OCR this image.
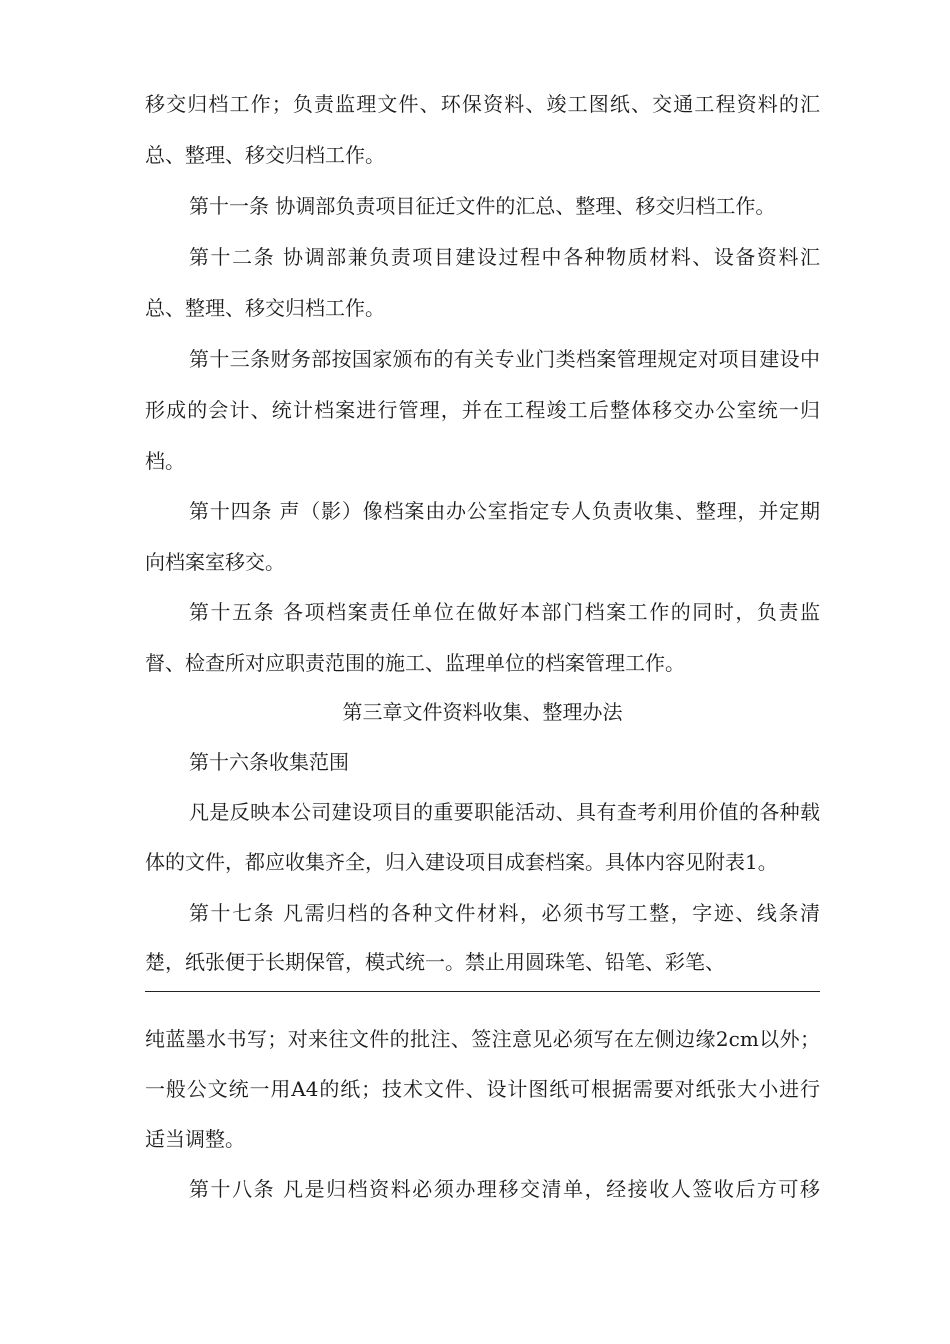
移交归档工作；负责监理文件、环保资料、竣工图纸、交通工程资料的汇
总、整理、移交归档工作。
第十一条 协调部负责项目征迁文件的汇总、整理、移交归档工作。
第十二条 协调部兼负责项目建设过程中各种物质材料、设备资料汇
总、整理、移交归档工作。
第十三条财务部按国家颁布的有关专业门类档案管理规定对项目建设中
形成的会计、统计档案进行管理，并在工程竣工后整体移交办公室统一归
档。
第十四条 声（影）像档案由办公室指定专人负责收集、整理，并定期
向档案室移交。
第十五条 各项档案责任单位在做好本部门档案工作的同时，负责监
督、检查所对应职责范围的施工、监理单位的档案管理工作。
第三章文件资料收集、整理办法
第十六条收集范围
凡是反映本公司建设项目的重要职能活动、具有查考利用价值的各种载
体的文件，都应收集齐全，归入建设项目成套档案。具体内容见附表1。
第十七条 凡需归档的各种文件材料，必须书写工整，字迹、线条清
楚，纸张便于长期保管，模式统一。禁止用圆珠笔、铅笔、彩笔、
纯蓝墨水书写；对来往文件的批注、签注意见必须写在左侧边缘2cm以外；
一般公文统一用A4的纸；技术文件、设计图纸可根据需要对纸张大小进行
适当调整。
第十八条 凡是归档资料必须办理移交清单，经接收人签收后方可移
